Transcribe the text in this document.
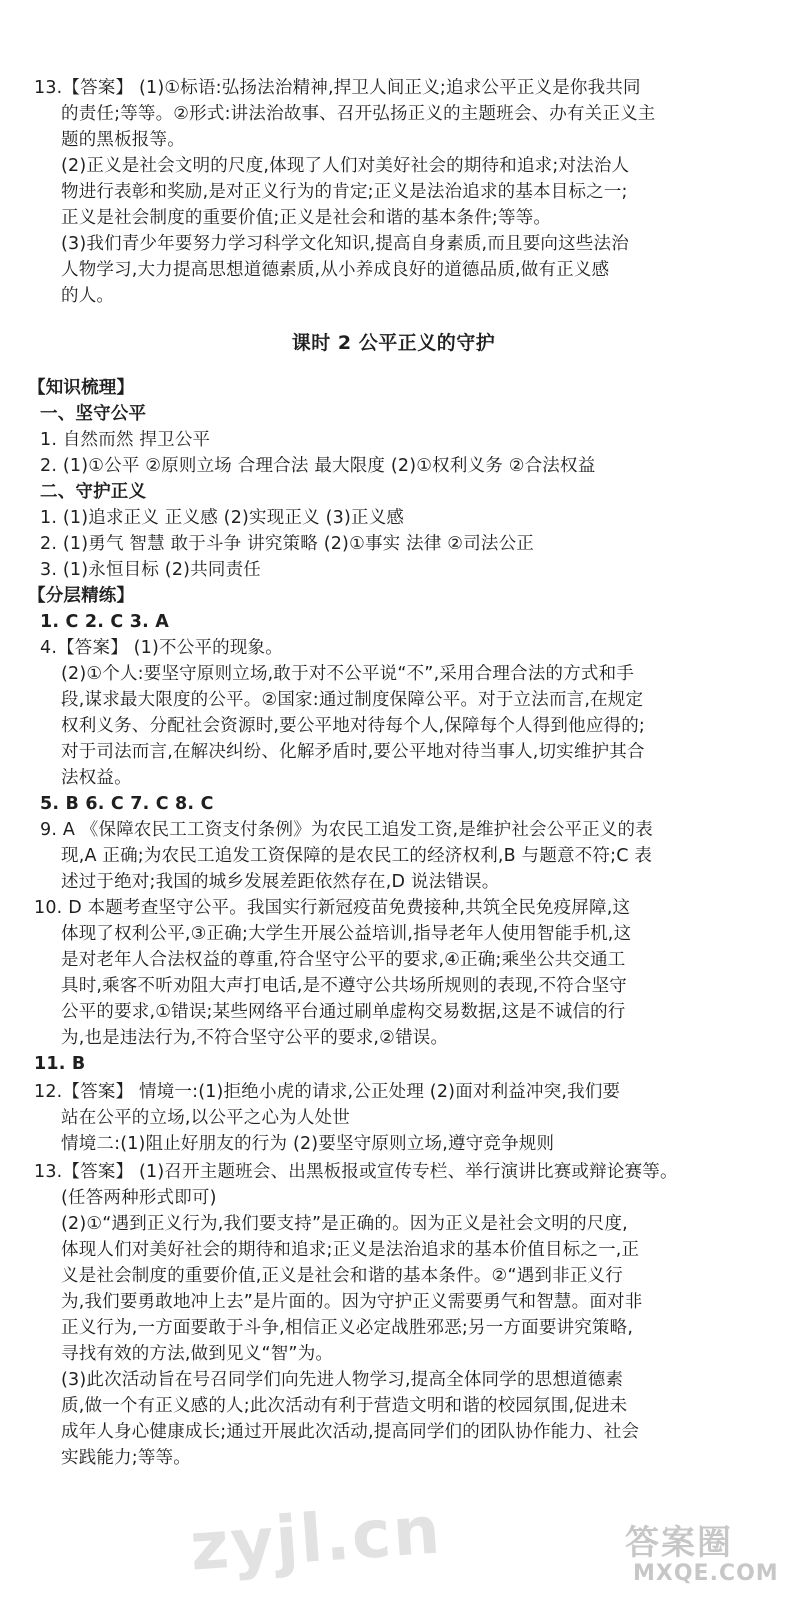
13.【答案】 (1)①标语:弘扬法治精神,捍卫人间正义;追求公平正义是你我共同
的责任;等等。②形式:讲法治故事、召开弘扬正义的主题班会、办有关正义主
题的黑板报等。
(2)正义是社会文明的尺度,体现了人们对美好社会的期待和追求;对法治人
物进行表彰和奖励,是对正义行为的肯定;正义是法治追求的基本目标之一;
正义是社会制度的重要价值;正义是社会和谐的基本条件;等等。
(3)我们青少年要努力学习科学文化知识,提高自身素质,而且要向这些法治
人物学习,大力提高思想道德素质,从小养成良好的道德品质,做有正义感
的人。
课时 2 公平正义的守护
【知识梳理】
一、坚守公平
1. 自然而然 捍卫公平
2. (1)①公平 ②原则立场 合理合法 最大限度 (2)①权利义务 ②合法权益
二、守护正义
1. (1)追求正义 正义感 (2)实现正义 (3)正义感
2. (1)勇气 智慧 敢于斗争 讲究策略 (2)①事实 法律 ②司法公正
3. (1)永恒目标 (2)共同责任
【分层精练】
1. C 2. C 3. A
4.【答案】 (1)不公平的现象。
(2)①个人:要坚守原则立场,敢于对不公平说“不”,采用合理合法的方式和手
段,谋求最大限度的公平。②国家:通过制度保障公平。对于立法而言,在规定
权利义务、分配社会资源时,要公平地对待每个人,保障每个人得到他应得的;
对于司法而言,在解决纠纷、化解矛盾时,要公平地对待当事人,切实维护其合
法权益。
5. B 6. C 7. C 8. C
9. A 《保障农民工工资支付条例》为农民工追发工资,是维护社会公平正义的表
现,A 正确;为农民工追发工资保障的是农民工的经济权利,B 与题意不符;C 表
述过于绝对;我国的城乡发展差距依然存在,D 说法错误。
10. D 本题考查坚守公平。我国实行新冠疫苗免费接种,共筑全民免疫屏障,这
体现了权利公平,③正确;大学生开展公益培训,指导老年人使用智能手机,这
是对老年人合法权益的尊重,符合坚守公平的要求,④正确;乘坐公共交通工
具时,乘客不听劝阻大声打电话,是不遵守公共场所规则的表现,不符合坚守
公平的要求,①错误;某些网络平台通过刷单虚构交易数据,这是不诚信的行
为,也是违法行为,不符合坚守公平的要求,②错误。
11. B
12.【答案】 情境一:(1)拒绝小虎的请求,公正处理 (2)面对利益冲突,我们要
站在公平的立场,以公平之心为人处世
情境二:(1)阻止好朋友的行为 (2)要坚守原则立场,遵守竞争规则
13.【答案】 (1)召开主题班会、出黑板报或宣传专栏、举行演讲比赛或辩论赛等。
(任答两种形式即可)
(2)①“遇到正义行为,我们要支持”是正确的。因为正义是社会文明的尺度,
体现人们对美好社会的期待和追求;正义是法治追求的基本价值目标之一,正
义是社会制度的重要价值,正义是社会和谐的基本条件。②“遇到非正义行
为,我们要勇敢地冲上去”是片面的。因为守护正义需要勇气和智慧。面对非
正义行为,一方面要敢于斗争,相信正义必定战胜邪恶;另一方面要讲究策略,
寻找有效的方法,做到见义“智”为。
(3)此次活动旨在号召同学们向先进人物学习,提高全体同学的思想道德素
质,做一个有正义感的人;此次活动有利于营造文明和谐的校园氛围,促进未
成年人身心健康成长;通过开展此次活动,提高同学们的团队协作能力、社会
实践能力;等等。
zyjl.cn	答案圈
MXQE.COM
